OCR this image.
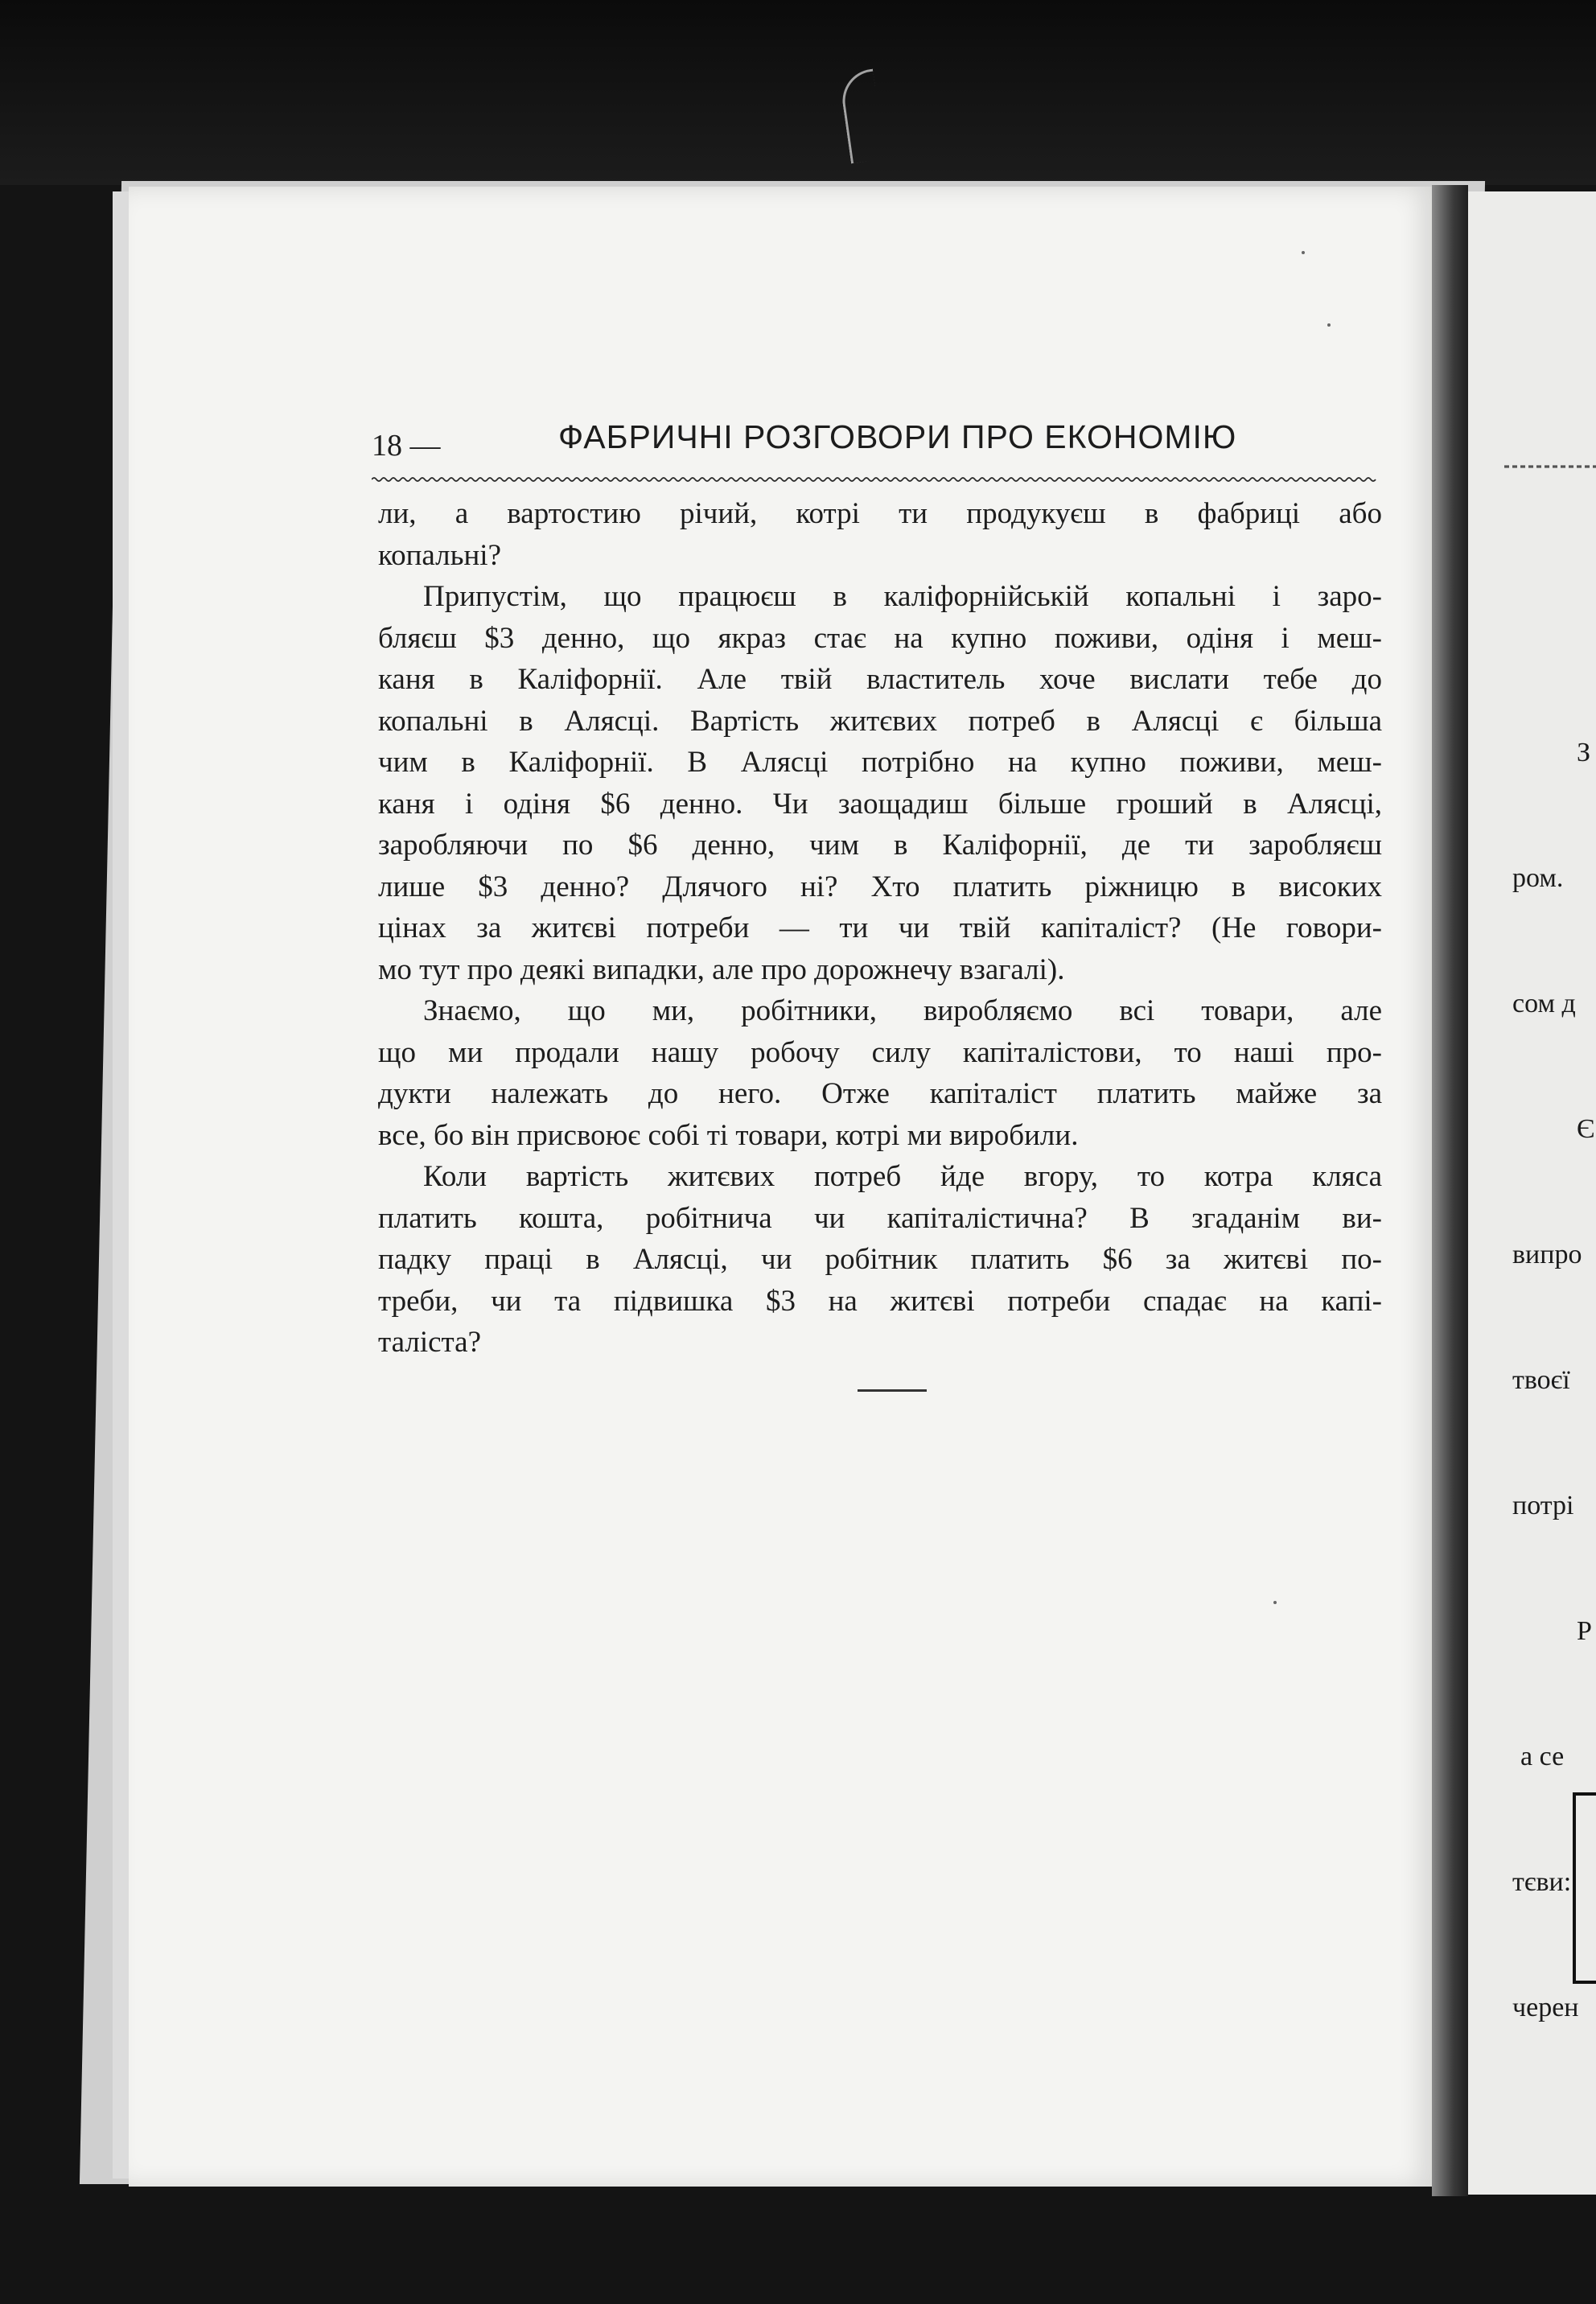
З

ром.

сом д

Є

випро

твоєї

потрі

Р

а се

тєви:

черен

18 —	ФАБРИЧНІ РОЗГОВОРИ ПРО ЕКОНОМІЮ
ли, а вартостию річий, котрі ти продукуєш в фабриці або
копальні?
Припустім, що працюєш в каліфорнійській копальні і заро-
бляєш $3 денно, що якраз стає на купно поживи, одіня і меш-
каня в Каліфорнії. Але твій властитель хоче вислати тебе до
копальні в Алясці. Вартість житєвих потреб в Алясці є більша
чим в Каліфорнії. В Алясці потрібно на купно поживи, меш-
каня і одіня $6 денно. Чи заощадиш більше гроший в Алясці,
заробляючи по $6 денно, чим в Каліфорнії, де ти заробляєш
лише $3 денно? Длячого ні? Хто платить ріжницю в високих
цінах за житєві потреби — ти чи твій капіталіст? (Не говори-
мо тут про деякі випадки, але про дорожнечу взагалі).
Знаємо, що ми, робітники, виробляємо всі товари, але
що ми продали нашу робочу силу капіталістови, то наші про-
дукти належать до него. Отже капіталіст платить майже за
все, бо він присвоює собі ті товари, котрі ми виробили.
Коли вартість житєвих потреб йде вгору, то котра кляса
платить кошта, робітнича чи капіталістична? В згаданім ви-
падку праці в Алясці, чи робітник платить $6 за житєві по-
треби, чи та підвишка $3 на житєві потреби спадає на капі-
таліста?
